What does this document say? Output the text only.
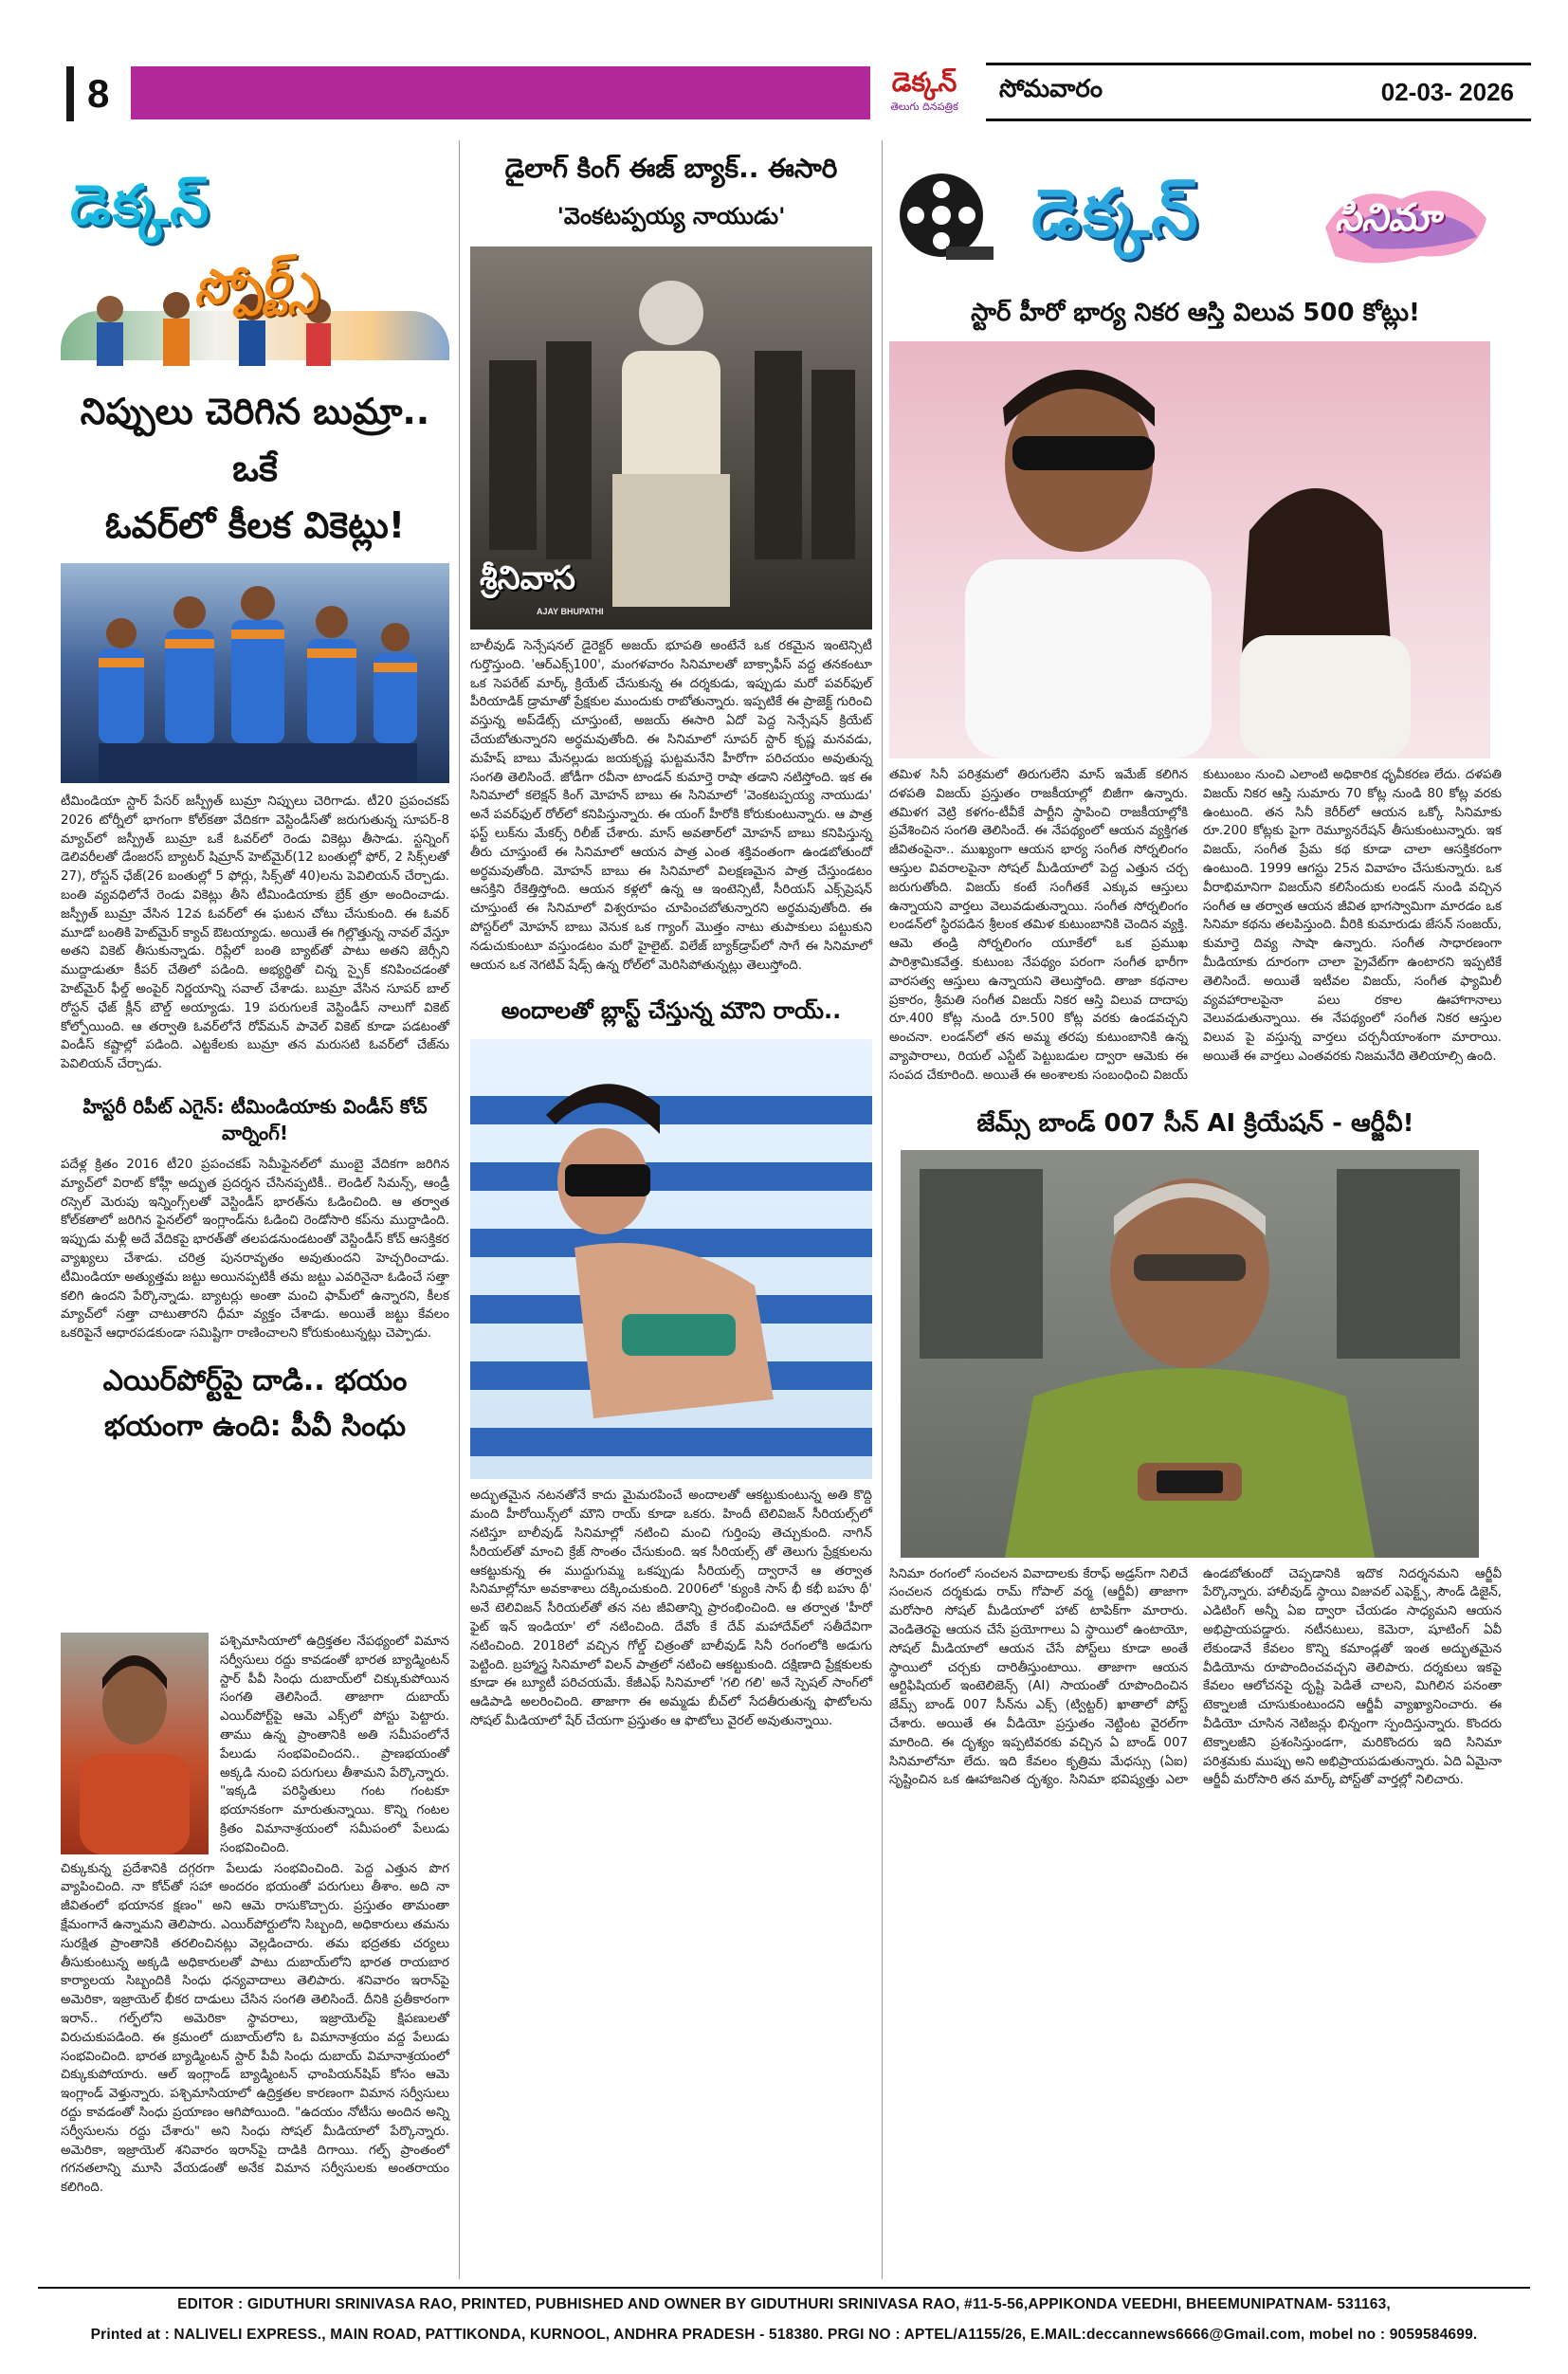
8	డెక్కన్
తెలుగు దినపత్రిక
సోమవారం	02-03- 2026
డెక్కన్
స్పోర్ట్స్
నిప్పులు చెరిగిన బుమ్రా.. ఒకే
ఓవర్‌లో కీలక వికెట్లు!
టీమిండియా స్టార్ పేసర్ జస్ప్రీత్ బుమ్రా నిప్పులు చెరిగాడు. టీ20 ప్రపంచకప్ 2026 టోర్నీలో భాగంగా కోల్‌కతా వేదికగా వెస్టిండీస్‌తో జరుగుతున్న సూపర్-8 మ్యాచ్‌లో జస్ప్రీత్ బుమ్రా ఒకే ఓవర్‌లో రెండు వికెట్లు తీసాడు. స్టన్నింగ్ డెలివరీలతో డేంజరస్ బ్యాటర్ షిమ్రాన్ హెట్‌మైర్(12 బంతుల్లో ఫోర్, 2 సిక్స్‌లతో 27), రోస్టన్ ఛేజ్(26 బంతుల్లో 5 ఫోర్లు, సిక్స్‌తో 40)లను పెవిలియన్ చేర్చాడు. బంతి వ్యవధిలోనే రెండు వికెట్లు తీసి టీమిండియాకు బ్రేక్ త్రూ అందించాడు. జస్ప్రీత్ బుమ్రా వేసిన 12వ ఓవర్‌లో ఈ ఘటన చోటు చేసుకుంది. ఈ ఓవర్ మూడో బంతికి హెట్‌మైర్ క్యాచ్ ఔటయ్యాడు. అయితే ఈ గిల్లొత్తున్న నావల్ వేస్తూ అతని వికెట్ తీసుకున్నాడు. రిప్లేలో బంతి బ్యాట్‌తో పాటు అతని జెర్సీని ముద్దాడుతూ కీపర్ చేతిలో పడింది. అభ్యర్థితో చిన్న స్పైక్ కనిపించడంతో హెట్‌మైర్ ఫీల్డ్ అంపైర్ నిర్ణయాన్ని సవాల్ చేశాడు. బుమ్రా వేసిన సూపర్ బాల్ రోస్టన్ ఛేజ్ క్లీన్ బౌల్డ్ అయ్యాడు. 19 పరుగులకే వెస్టిండీస్ నాలుగో వికెట్ కోల్పోయింది. ఆ తర్వాతి ఓవర్‌లోనే రోవ్‌మన్ పావెల్ వికెట్ కూడా పడటంతో విండీస్ కష్టాల్లో పడింది. ఎట్టకేలకు బుమ్రా తన మరుసటి ఓవర్‌లో చేజ్‌ను పెవిలియన్ చేర్చాడు.
హిస్టరీ రిపీట్ ఎగైన్: టీమిండియాకు విండీస్ కోచ్ వార్నింగ్!
పదేళ్ల క్రితం 2016 టీ20 ప్రపంచకప్ సెమీఫైనల్‌లో ముంబై వేదికగా జరిగిన మ్యాచ్‌లో విరాట్ కోహ్లీ అద్భుత ప్రదర్శన చేసినప్పటికీ.. లెండిల్ సిమన్స్, ఆండ్రీ రస్సెల్ మెరుపు ఇన్నింగ్స్‌లతో వెస్టిండీస్ భారత్‌ను ఓడించింది. ఆ తర్వాత కోల్‌కతాలో జరిగిన ఫైనల్‌లో ఇంగ్లాండ్‌ను ఓడించి రెండోసారి కప్‌ను ముద్దాడింది. ఇప్పుడు మళ్లీ అదే వేదికపై భారత్‌తో తలపడనుండటంతో వెస్టిండీస్ కోచ్ ఆసక్తికర వ్యాఖ్యలు చేశాడు. చరిత్ర పునరావృతం అవుతుందని హెచ్చరించాడు. టీమిండియా అత్యుత్తమ జట్టు అయినప్పటికీ తమ జట్టు ఎవరినైనా ఓడించే సత్తా కలిగి ఉందని పేర్కొన్నాడు. బ్యాటర్లు అంతా మంచి ఫామ్‌లో ఉన్నారని, కీలక మ్యాచ్‌లో సత్తా చాటుతారని ధీమా వ్యక్తం చేశాడు. అయితే జట్టు కేవలం ఒకరిపైనే ఆధారపడకుండా సమిష్టిగా రాణించాలని కోరుకుంటున్నట్లు చెప్పాడు.
ఎయిర్‌పోర్ట్‌పై దాడి.. భయం
భయంగా ఉంది: పీవీ సింధు
పశ్చిమాసియాలో ఉద్రిక్తతల నేపథ్యంలో విమాన సర్వీసులు రద్దు కావడంతో భారత బ్యాడ్మింటన్ స్టార్ పీవీ సింధు దుబాయ్‌లో చిక్కుకుపోయిన సంగతి తెలిసిందే. తాజాగా దుబాయ్ ఎయిర్‌పోర్ట్‌పై ఆమె ఎక్స్‌లో పోస్టు పెట్టారు. తాము ఉన్న ప్రాంతానికి అతి సమీపంలోనే పేలుడు సంభవించిందని.. ప్రాణభయంతో అక్కడి నుంచి పరుగులు తీశామని పేర్కొన్నారు. "ఇక్కడి పరిస్థితులు గంట గంటకూ భయానకంగా మారుతున్నాయి. కొన్ని గంటల క్రితం విమానాశ్రయంలో సమీపంలో పేలుడు సంభవించింది.
చిక్కుకున్న ప్రదేశానికి దగ్గరగా పేలుడు సంభవించింది. పెద్ద ఎత్తున పొగ వ్యాపించింది. నా కోచ్‌తో సహా అందరం భయంతో పరుగులు తీశాం. అది నా జీవితంలో భయానక క్షణం" అని ఆమె రాసుకొచ్చారు. ప్రస్తుతం తామంతా క్షేమంగానే ఉన్నామని తెలిపారు. ఎయిర్‌పోర్టులోని సిబ్బంది, అధికారులు తమను సురక్షిత ప్రాంతానికి తరలించినట్లు వెల్లడించారు. తమ భద్రతకు చర్యలు తీసుకుంటున్న అక్కడి అధికారులతో పాటు దుబాయ్‌లోని భారత రాయబార కార్యాలయ సిబ్బందికి సింధు ధన్యవాదాలు తెలిపారు. శనివారం ఇరాన్‌పై అమెరికా, ఇజ్రాయెల్ భీకర దాడులు చేసిన సంగతి తెలిసిందే. దీనికి ప్రతీకారంగా ఇరాన్.. గల్ఫ్‌లోని అమెరికా స్థావరాలు, ఇజ్రాయెల్‌పై క్షిపణులతో విరుచుకుపడింది. ఈ క్రమంలో దుబాయ్‌లోని ఓ విమానాశ్రయం వద్ద పేలుడు సంభవించింది. భారత బ్యాడ్మింటన్ స్టార్ పీవీ సింధు దుబాయ్ విమానాశ్రయంలో చిక్కుకుపోయారు. ఆల్ ఇంగ్లాండ్ బ్యాడ్మింటన్ ఛాంపియన్‌షిప్‌ కోసం ఆమె ఇంగ్లాండ్ వెళ్తున్నారు. పశ్చిమాసియాలో ఉద్రిక్తతల కారణంగా విమాన సర్వీసులు రద్దు కావడంతో సింధు ప్రయాణం ఆగిపోయింది. "ఉదయం నోటీసు అందిన అన్ని సర్వీసులను రద్దు చేశారు" అని సింధు సోషల్ మీడియాలో పేర్కొన్నారు. అమెరికా, ఇజ్రాయెల్ శనివారం ఇరాన్‌పై దాడికి దిగాయి. గల్ఫ్ ప్రాంతంలో గగనతలాన్ని మూసి వేయడంతో అనేక విమాన సర్వీసులకు అంతరాయం కలిగింది.
డైలాగ్ కింగ్ ఈజ్ బ్యాక్.. ఈసారి
'వెంకటప్పయ్య నాయుడు'
శ్రీనివాస
AJAY BHUPATHI
బాలీవుడ్ సెన్సేషనల్ డైరెక్టర్ అజయ్ భూపతి అంటేనే ఒక రకమైన ఇంటెన్సిటీ గుర్తొస్తుంది. 'ఆర్ఎక్స్100', మంగళవారం సినిమాలతో బాక్సాఫీస్ వద్ద తనకంటూ ఒక సెపరేట్ మార్క్ క్రియేట్ చేసుకున్న ఈ దర్శకుడు, ఇప్పుడు మరో పవర్‌ఫుల్ పీరియాడిక్ డ్రామాతో ప్రేక్షకుల ముందుకు రాబోతున్నారు. ఇప్పటికే ఈ ప్రాజెక్ట్ గురించి వస్తున్న అప్‌డేట్స్ చూస్తుంటే, అజయ్ ఈసారి ఏదో పెద్ద సెన్సేషన్ క్రియేట్ చేయబోతున్నారని అర్థమవుతోంది. ఈ సినిమాలో సూపర్ స్టార్ కృష్ణ మనవడు, మహేష్ బాబు మేనల్లుడు జయకృష్ణ ఘట్టమనేని హీరోగా పరిచయం అవుతున్న సంగతి తెలిసిందే. జోడీగా రవీనా టాండన్ కుమార్తె రాషా తడాని నటిస్తోంది. ఇక ఈ సినిమాలో కలెక్షన్ కింగ్ మోహన్ బాబు ఈ సినిమాలో 'వెంకటప్పయ్య నాయుడు' అనే పవర్‌ఫుల్ రోల్‌లో కనిపిస్తున్నారు. ఈ యంగ్ హీరోకి కోరుకుంటున్నారు. ఆ పాత్ర ఫస్ట్ లుక్‌ను మేకర్స్ రిలీజ్ చేశారు. మాస్ అవతార్‌లో మోహన్ బాబు కనిపిస్తున్న తీరు చూస్తుంటే ఈ సినిమాలో ఆయన పాత్ర ఎంత శక్తివంతంగా ఉండబోతుందో అర్థమవుతోంది. మోహన్ బాబు ఈ సినిమాలో విలక్షణమైన పాత్ర చేస్తుండటం ఆసక్తిని రేకెత్తిస్తోంది. ఆయన కళ్లలో ఉన్న ఆ ఇంటెన్సిటీ, సీరియస్ ఎక్స్‌ప్రెషన్ చూస్తుంటే ఈ సినిమాలో విశ్వరూపం చూపించబోతున్నారని అర్థమవుతోంది. ఈ పోస్టర్‌లో మోహన్ బాబు వెనుక ఒక గ్యాంగ్ మొత్తం నాటు తుపాకులు పట్టుకుని నడుచుకుంటూ వస్తుండటం మరో హైలైట్. విలేజ్ బ్యాక్‌డ్రాప్‌లో సాగే ఈ సినిమాలో ఆయన ఒక నెగటివ్ షేడ్స్ ఉన్న రోల్‌లో మెరిసిపోతున్నట్లు తెలుస్తోంది.
అందాలతో బ్లాస్ట్ చేస్తున్న మౌని రాయ్..
అద్భుతమైన నటనతోనే కాదు మైమరపించే అందాలతో ఆకట్టుకుంటున్న అతి కొద్ది మంది హీరోయిన్స్‌లో మౌని రాయ్ కూడా ఒకరు. హిందీ టెలివిజన్ సీరియల్స్‌లో నటిస్తూ బాలీవుడ్ సినిమాల్లో నటించి మంచి గుర్తింపు తెచ్చుకుంది. నాగిన్ సీరియల్‌తో మాంచి క్రేజ్ సొంతం చేసుకుంది. ఇక సీరియల్స్ తో తెలుగు ప్రేక్షకులను ఆకట్టుకున్న ఈ ముద్దుగుమ్మ ఒకప్పుడు సీరియల్స్ ద్వారానే ఆ తర్వాత సినిమాల్లోనూ అవకాశాలు దక్కించుకుంది. 2006లో 'క్యుంకి సాస్ భీ కభీ బహు థీ' అనే టెలివిజన్ సీరియల్‌తో తన నట జీవితాన్ని ప్రారంభించింది. ఆ తర్వాత 'హీరో ఫైట్ ఇన్ ఇండియా' లో నటించింది. దేవోం కే దేవ్ మహాదేవ్‌లో సతీదేవిగా నటించింది. 2018లో వచ్చిన గోల్డ్ చిత్రంతో బాలీవుడ్ సినీ రంగంలోకి అడుగు పెట్టింది. బ్రహ్మాస్త్ర సినిమాలో విలన్ పాత్రలో నటించి ఆకట్టుకుంది. దక్షిణాది ప్రేక్షకులకు కూడా ఈ బ్యూటీ పరిచయమే. కేజీఎఫ్ సినిమాలో 'గలి గలి' అనే స్పెషల్ సాంగ్‌లో ఆడిపాడి అలరించింది. తాజాగా ఈ అమ్మడు బీచ్‌లో సేదతీరుతున్న ఫొటోలను సోషల్ మీడియాలో షేర్ చేయగా ప్రస్తుతం ఆ ఫొటోలు వైరల్ అవుతున్నాయి.
డెక్కన్	సినిమా
స్టార్ హీరో భార్య నికర ఆస్తి విలువ 500 కోట్లు!
తమిళ సినీ పరిశ్రమలో తిరుగులేని మాస్ ఇమేజ్ కలిగిన దళపతి విజయ్ ప్రస్తుతం రాజకీయాల్లో బిజీగా ఉన్నారు. తమిళగ వెట్రి కళగం-టీవీకే పార్టీని స్థాపించి రాజకీయాల్లోకి ప్రవేశించిన సంగతి తెలిసిందే. ఈ నేపథ్యంలో ఆయన వ్యక్తిగత జీవితంపైనా.. ముఖ్యంగా ఆయన భార్య సంగీత సోర్నలింగం ఆస్తుల వివరాలపైనా సోషల్ మీడియాలో పెద్ద ఎత్తున చర్చ జరుగుతోంది. విజయ్ కంటే సంగీతకే ఎక్కువ ఆస్తులు ఉన్నాయని వార్తలు వెలువడుతున్నాయి. సంగీత సోర్నలింగం లండన్‌లో స్థిరపడిన శ్రీలంక తమిళ కుటుంబానికి చెందిన వ్యక్తి. ఆమె తండ్రి సోర్నలింగం యూకేలో ఒక ప్రముఖ పారిశ్రామికవేత్త. కుటుంబ నేపథ్యం పరంగా సంగీత భారీగా వారసత్వ ఆస్తులు ఉన్నాయని తెలుస్తోంది. తాజా కథనాల ప్రకారం, శ్రీమతి సంగీత విజయ్ నికర ఆస్తి విలువ దాదాపు రూ.400 కోట్ల నుండి రూ.500 కోట్ల వరకు ఉండవచ్చని అంచనా. లండన్‌లో తన అమ్మ తరపు కుటుంబానికి ఉన్న వ్యాపారాలు, రియల్ ఎస్టేట్ పెట్టుబడుల ద్వారా ఆమెకు ఈ సంపద చేకూరింది. అయితే ఈ అంశాలకు సంబంధించి విజయ్ కుటుంబం నుంచి ఎలాంటి అధికారిక ధృవీకరణ లేదు. దళపతి విజయ్ నికర ఆస్తి సుమారు 70 కోట్ల నుండి 80 కోట్ల వరకు ఉంటుంది. తన సినీ కెరీర్‌లో ఆయన ఒక్కో సినిమాకు రూ.200 కోట్లకు పైగా రెమ్యూనరేషన్ తీసుకుంటున్నారు. ఇక విజయ్, సంగీత ప్రేమ కథ కూడా చాలా ఆసక్తికరంగా ఉంటుంది. 1999 ఆగస్టు 25న వివాహం చేసుకున్నారు. ఒక వీరాభిమానిగా విజయ్‌ని కలిసేందుకు లండన్ నుండి వచ్చిన సంగీత ఆ తర్వాత ఆయన జీవిత భాగస్వామిగా మారడం ఒక సినిమా కథను తలపిస్తుంది. వీరికి కుమారుడు జేసన్ సంజయ్, కుమార్తె దివ్య సాషా ఉన్నారు. సంగీత సాధారణంగా మీడియాకు దూరంగా చాలా ప్రైవేట్‌గా ఉంటారని ఇప్పటికే తెలిసిందే. అయితే ఇటీవల విజయ్, సంగీత ఫ్యామిలీ వ్యవహారాలపైనా పలు రకాల ఊహాగానాలు వెలువడుతున్నాయి. ఈ నేపథ్యంలో సంగీత నికర ఆస్తుల విలువ పై వస్తున్న వార్తలు చర్చనీయాంశంగా మారాయి. అయితే ఈ వార్తలు ఎంతవరకు నిజమనేది తెలియాల్సి ఉంది.
జేమ్స్ బాండ్ 007 సీన్ AI క్రియేషన్ - ఆర్జీవీ!
సినిమా రంగంలో సంచలన వివాదాలకు కేరాఫ్ అడ్రస్‌గా నిలిచే సంచలన దర్శకుడు రామ్ గోపాల్ వర్మ (ఆర్జీవీ) తాజాగా మరోసారి సోషల్ మీడియాలో హాట్ టాపిక్‌గా మారారు. వెండితెరపై ఆయన చేసే ప్రయోగాలు ఏ స్థాయిలో ఉంటాయో, సోషల్ మీడియాలో ఆయన చేసే పోస్ట్‌లు కూడా అంతే స్థాయిలో చర్చకు దారితీస్తుంటాయి. తాజాగా ఆయన ఆర్టిఫిషియల్ ఇంటెలిజెన్స్ (AI) సాయంతో రూపొందించిన జేమ్స్ బాండ్ 007 సీన్‌ను ఎక్స్ (ట్విట్టర్) ఖాతాలో పోస్ట్ చేశారు. అయితే ఈ వీడియో ప్రస్తుతం నెట్టింట వైరల్‌గా మారింది. ఈ దృశ్యం ఇప్పటివరకు వచ్చిన ఏ బాండ్ 007 సినిమాలోనూ లేదు. ఇది కేవలం కృత్రిమ మేధస్సు (ఏఐ) సృష్టించిన ఒక ఊహాజనిత దృశ్యం. సినిమా భవిష్యత్తు ఎలా ఉండబోతుందో చెప్పడానికి ఇదొక నిదర్శనమని ఆర్జీవీ పేర్కొన్నారు. హాలీవుడ్ స్థాయి విజువల్ ఎఫెక్ట్స్, సౌండ్ డిజైన్, ఎడిటింగ్ అన్నీ ఏఐ ద్వారా చేయడం సాధ్యమని ఆయన అభిప్రాయపడ్డారు. నటీనటులు, కెమెరా, షూటింగ్ ఏవీ లేకుండానే కేవలం కొన్ని కమాండ్లతో ఇంత అద్భుతమైన వీడియోను రూపొందించవచ్చని తెలిపారు. దర్శకులు ఇకపై కేవలం ఆలోచనపై దృష్టి పెడితే చాలని, మిగిలిన పనంతా టెక్నాలజీ చూసుకుంటుందని ఆర్జీవీ వ్యాఖ్యానించారు. ఈ వీడియో చూసిన నెటిజన్లు భిన్నంగా స్పందిస్తున్నారు. కొందరు టెక్నాలజీని ప్రశంసిస్తుండగా, మరికొందరు ఇది సినిమా పరిశ్రమకు ముప్పు అని అభిప్రాయపడుతున్నారు. ఏది ఏమైనా ఆర్జీవీ మరోసారి తన మార్క్ పోస్ట్‌తో వార్తల్లో నిలిచారు.
EDITOR : GIDUTHURI SRINIVASA RAO, PRINTED, PUBHISHED AND OWNER BY GIDUTHURI SRINIVASA RAO, #11-5-56,APPIKONDA VEEDHI, BHEEMUNIPATNAM- 531163,
Printed at : NALIVELI EXPRESS., MAIN ROAD, PATTIKONDA, KURNOOL, ANDHRA PRADESH - 518380. PRGI NO : APTEL/A1155/26, E.MAIL:deccannews6666@Gmail.com, mobel no : 9059584699.
